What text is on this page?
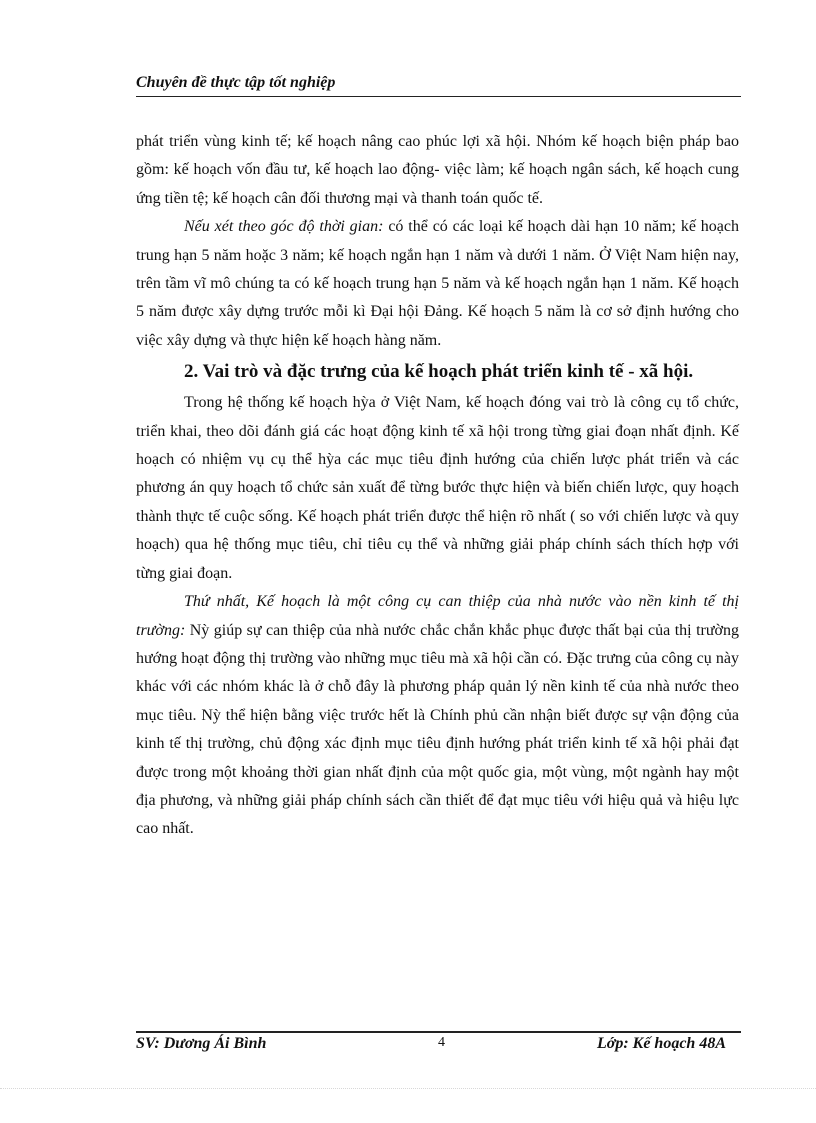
Chuyên đề thực tập tốt nghiệp

phát triển vùng kinh tế; kế hoạch nâng cao phúc lợi xã hội. Nhóm kế hoạch biện pháp bao gồm: kế hoạch vốn đầu tư, kế hoạch lao động- việc làm; kế hoạch ngân sách, kế hoạch cung ứng tiền tệ; kế hoạch cân đối thương mại và thanh toán quốc tế.

Nếu xét theo góc độ thời gian: có thể có các loại kế hoạch dài hạn 10 năm; kế hoạch trung hạn 5 năm hoặc 3 năm; kế hoạch ngắn hạn 1 năm và dưới 1 năm. Ở Việt Nam hiện nay, trên tầm vĩ mô chúng ta có kế hoạch trung hạn 5 năm và kế hoạch ngắn hạn 1 năm. Kế hoạch 5 năm được xây dựng trước mỗi kì Đại hội Đảng. Kế hoạch 5 năm là cơ sở định hướng cho việc xây dựng và thực hiện kế hoạch hàng năm.

2. Vai trò và đặc trưng của kế hoạch phát triển kinh tế - xã hội.

Trong hệ thống kế hoạch hỳa ở Việt Nam, kế hoạch đóng vai trò là công cụ tổ chức, triển khai, theo dõi đánh giá các hoạt động kinh tế xã hội trong từng giai đoạn nhất định. Kế hoạch có nhiệm vụ cụ thể hỳa các mục tiêu định hướng của chiến lược phát triển và các phương án quy hoạch tổ chức sản xuất để từng bước thực hiện và biến chiến lược, quy hoạch thành thực tế cuộc sống. Kế hoạch phát triển được thể hiện rõ nhất ( so với chiến lược và quy hoạch) qua hệ thống mục tiêu, chỉ tiêu cụ thể và những giải pháp chính sách thích hợp với từng giai đoạn.

Thứ nhất, Kế hoạch là một công cụ can thiệp của nhà nước vào nền kinh tế thị trường: Nỳ giúp sự can thiệp của nhà nước chắc chắn khắc phục được thất bại của thị trường hướng hoạt động thị trường vào những mục tiêu mà xã hội cần có. Đặc trưng của công cụ này khác với các nhóm khác là ở chỗ đây là phương pháp quản lý nền kinh tế của nhà nước theo mục tiêu. Nỳ thể hiện bằng việc trước hết là Chính phủ cần nhận biết được sự vận động của kinh tế thị trường, chủ động xác định mục tiêu định hướng phát triển kinh tế xã hội phải đạt được trong một khoảng thời gian nhất định của một quốc gia, một vùng, một ngành hay một địa phương, và những giải pháp chính sách cần thiết để đạt mục tiêu với hiệu quả và hiệu lực cao nhất.

SV: Dương Ái Bình	4	Lớp: Kế hoạch 48A
